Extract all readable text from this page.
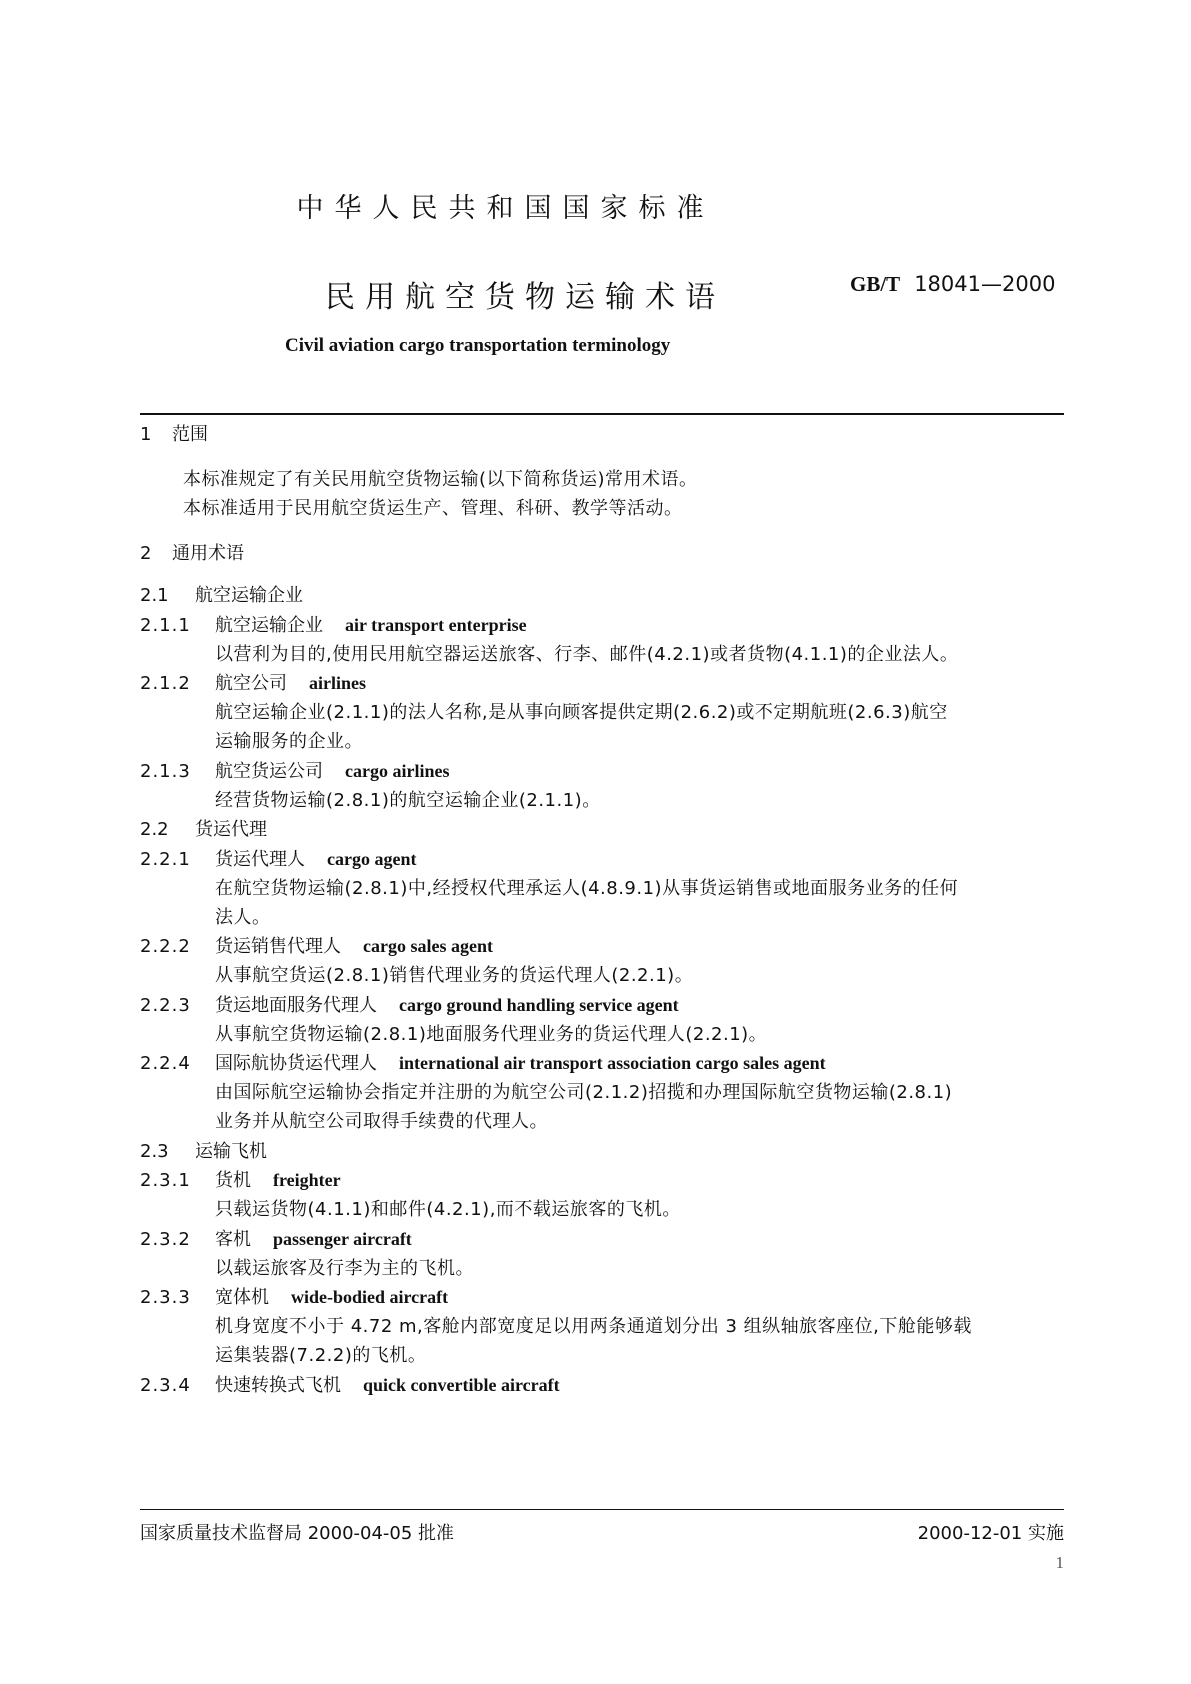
中华人民共和国国家标准
民用航空货物运输术语	GB/T 18041—2000
Civil aviation cargo transportation terminology
1 范围
本标准规定了有关民用航空货物运输(以下简称货运)常用术语。
本标准适用于民用航空货运生产、管理、科研、教学等活动。
2 通用术语
2.1 航空运输企业
2.1.1 航空运输企业 air transport enterprise
以营利为目的,使用民用航空器运送旅客、行李、邮件(4.2.1)或者货物(4.1.1)的企业法人。
2.1.2 航空公司 airlines
航空运输企业(2.1.1)的法人名称,是从事向顾客提供定期(2.6.2)或不定期航班(2.6.3)航空
运输服务的企业。
2.1.3 航空货运公司 cargo airlines
经营货物运输(2.8.1)的航空运输企业(2.1.1)。
2.2 货运代理
2.2.1 货运代理人 cargo agent
在航空货物运输(2.8.1)中,经授权代理承运人(4.8.9.1)从事货运销售或地面服务业务的任何
法人。
2.2.2 货运销售代理人 cargo sales agent
从事航空货运(2.8.1)销售代理业务的货运代理人(2.2.1)。
2.2.3 货运地面服务代理人 cargo ground handling service agent
从事航空货物运输(2.8.1)地面服务代理业务的货运代理人(2.2.1)。
2.2.4 国际航协货运代理人 international air transport association cargo sales agent
由国际航空运输协会指定并注册的为航空公司(2.1.2)招揽和办理国际航空货物运输(2.8.1)
业务并从航空公司取得手续费的代理人。
2.3 运输飞机
2.3.1 货机 freighter
只载运货物(4.1.1)和邮件(4.2.1),而不载运旅客的飞机。
2.3.2 客机 passenger aircraft
以载运旅客及行李为主的飞机。
2.3.3 宽体机 wide-bodied aircraft
机身宽度不小于 4.72 m,客舱内部宽度足以用两条通道划分出 3 组纵轴旅客座位,下舱能够载
运集装器(7.2.2)的飞机。
2.3.4 快速转换式飞机 quick convertible aircraft
国家质量技术监督局 2000-04-05 批准	2000-12-01 实施
1
